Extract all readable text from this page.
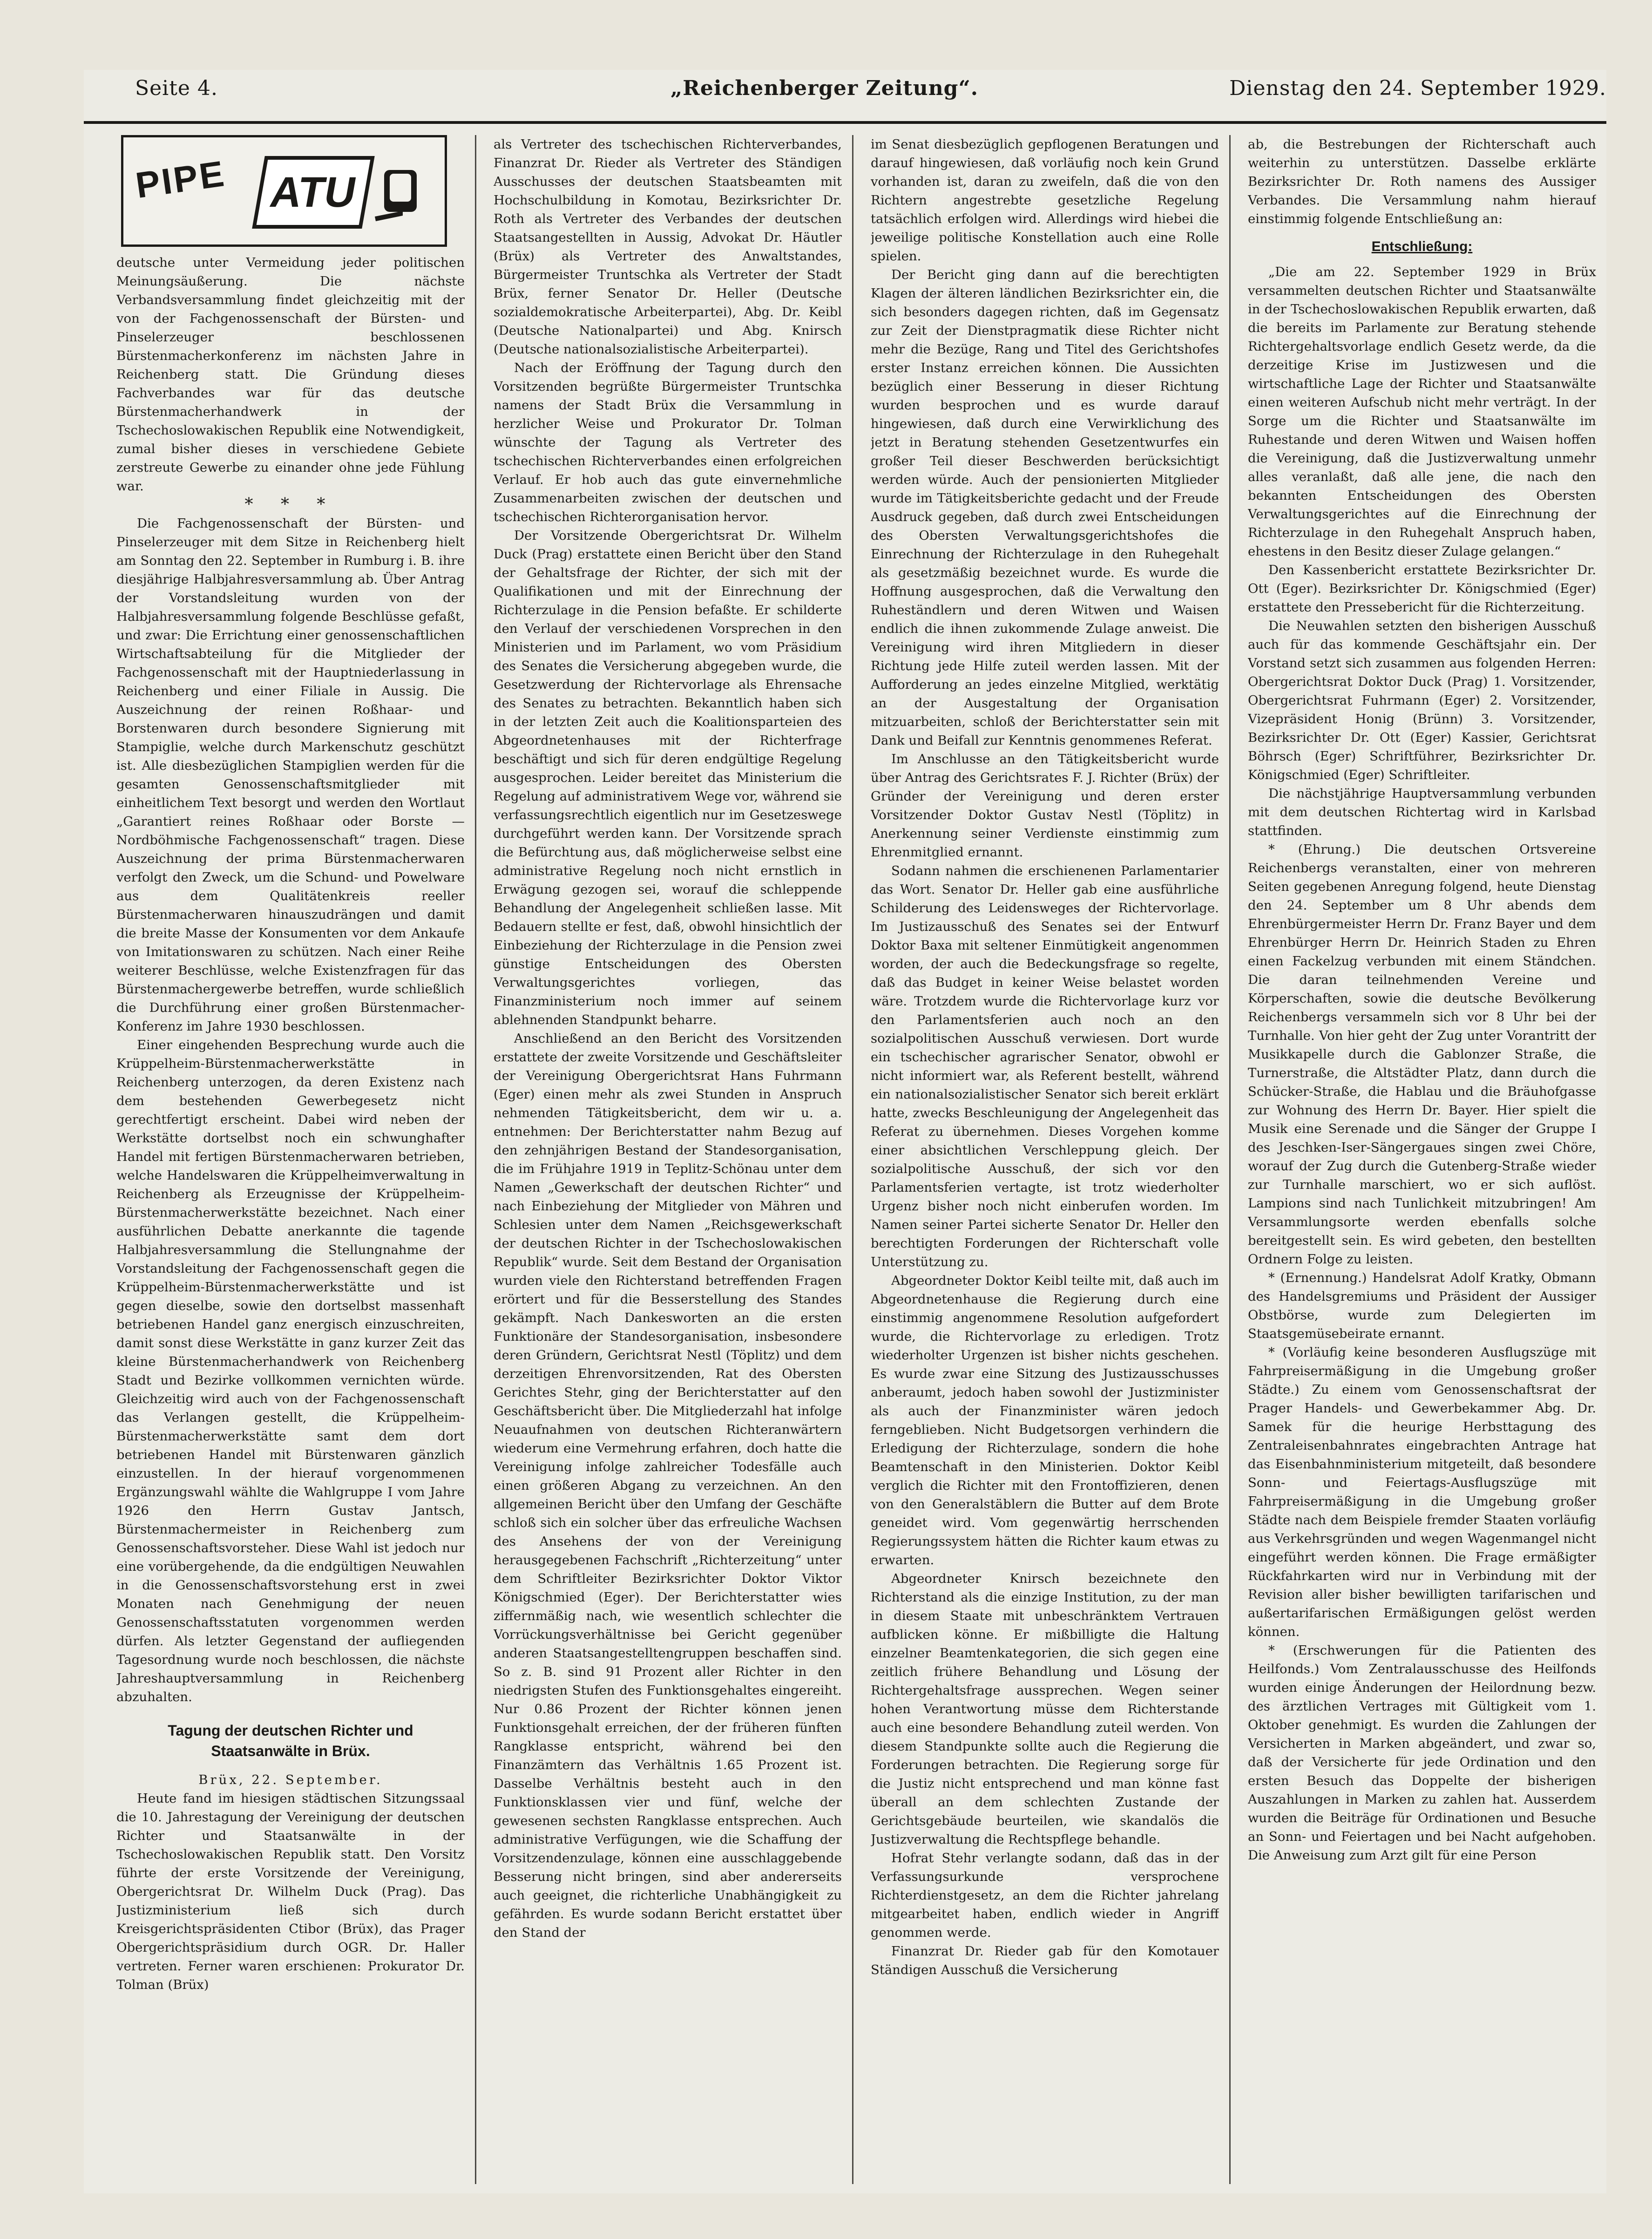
Seite 4.	„Reichenberger Zeitung“.	Dienstag den 24. September 1929.
PIPE ATU

deutsche unter Vermeidung jeder politischen Meinungsäußerung. Die nächste Verbandsversammlung findet gleichzeitig mit der von der Fachgenossenschaft der Bürsten- und Pinselerzeuger beschlossenen Bürstenmacherkonferenz im nächsten Jahre in Reichenberg statt. Die Gründung dieses Fachverbandes war für das deutsche Bürstenmacherhandwerk in der Tschechoslowakischen Republik eine Notwendigkeit, zumal bisher dieses in verschiedene Gebiete zerstreute Gewerbe zu einander ohne jede Fühlung war.

* * *

Die Fachgenossenschaft der Bürsten- und Pinselerzeuger mit dem Sitze in Reichenberg hielt am Sonntag den 22. September in Rumburg i. B. ihre diesjährige Halbjahresversammlung ab. Über Antrag der Vorstandsleitung wurden von der Halbjahresversammlung folgende Beschlüsse gefaßt, und zwar: Die Errichtung einer genossenschaftlichen Wirtschaftsabteilung für die Mitglieder der Fachgenossenschaft mit der Hauptniederlassung in Reichenberg und einer Filiale in Aussig. Die Auszeichnung der reinen Roßhaar- und Borstenwaren durch besondere Signierung mit Stampiglie, welche durch Markenschutz geschützt ist. Alle diesbezüglichen Stampiglien werden für die gesamten Genossenschaftsmitglieder mit einheitlichem Text besorgt und werden den Wortlaut „Garantiert reines Roßhaar oder Borste — Nordböhmische Fachgenossenschaft“ tragen. Diese Auszeichnung der prima Bürstenmacherwaren verfolgt den Zweck, um die Schund- und Powelware aus dem Qualitätenkreis reeller Bürstenmacherwaren hinauszudrängen und damit die breite Masse der Konsumenten vor dem Ankaufe von Imitationswaren zu schützen. Nach einer Reihe weiterer Beschlüsse, welche Existenzfragen für das Bürstenmachergewerbe betreffen, wurde schließlich die Durchführung einer großen Bürstenmacher-Konferenz im Jahre 1930 beschlossen.

Einer eingehenden Besprechung wurde auch die Krüppelheim-Bürstenmacherwerkstätte in Reichenberg unterzogen, da deren Existenz nach dem bestehenden Gewerbegesetz nicht gerechtfertigt erscheint. Dabei wird neben der Werkstätte dortselbst noch ein schwunghafter Handel mit fertigen Bürstenmacherwaren betrieben, welche Handelswaren die Krüppelheimverwaltung in Reichenberg als Erzeugnisse der Krüppelheim-Bürstenmacherwerkstätte bezeichnet. Nach einer ausführlichen Debatte anerkannte die tagende Halbjahresversammlung die Stellungnahme der Vorstandsleitung der Fachgenossenschaft gegen die Krüppelheim-Bürstenmacherwerkstätte und ist gegen dieselbe, sowie den dortselbst massenhaft betriebenen Handel ganz energisch einzuschreiten, damit sonst diese Werkstätte in ganz kurzer Zeit das kleine Bürstenmacherhandwerk von Reichenberg Stadt und Bezirke vollkommen vernichten würde. Gleichzeitig wird auch von der Fachgenossenschaft das Verlangen gestellt, die Krüppelheim-Bürstenmacherwerkstätte samt dem dort betriebenen Handel mit Bürstenwaren gänzlich einzustellen. In der hierauf vorgenommenen Ergänzungswahl wählte die Wahlgruppe I vom Jahre 1926 den Herrn Gustav Jantsch, Bürstenmachermeister in Reichenberg zum Genossenschaftsvorsteher. Diese Wahl ist jedoch nur eine vorübergehende, da die endgültigen Neuwahlen in die Genossenschaftsvorstehung erst in zwei Monaten nach Genehmigung der neuen Genossenschaftsstatuten vorgenommen werden dürfen. Als letzter Gegenstand der aufliegenden Tagesordnung wurde noch beschlossen, die nächste Jahreshauptversammlung in Reichenberg abzuhalten.

Tagung der deutschen Richter und Staatsanwälte in Brüx.

Brüx, 22. September.

Heute fand im hiesigen städtischen Sitzungssaal die 10. Jahrestagung der Vereinigung der deutschen Richter und Staatsanwälte in der Tschechoslowakischen Republik statt. Den Vorsitz führte der erste Vorsitzende der Vereinigung, Obergerichtsrat Dr. Wilhelm Duck (Prag). Das Justizministerium ließ sich durch Kreisgerichtspräsidenten Ctibor (Brüx), das Prager Obergerichtspräsidium durch OGR. Dr. Haller vertreten. Ferner waren erschienen: Prokurator Dr. Tolman (Brüx)

als Vertreter des tschechischen Richterverbandes, Finanzrat Dr. Rieder als Vertreter des Ständigen Ausschusses der deutschen Staatsbeamten mit Hochschulbildung in Komotau, Bezirksrichter Dr. Roth als Vertreter des Verbandes der deutschen Staatsangestellten in Aussig, Advokat Dr. Häutler (Brüx) als Vertreter des Anwaltstandes, Bürgermeister Truntschka als Vertreter der Stadt Brüx, ferner Senator Dr. Heller (Deutsche sozialdemokratische Arbeiterpartei), Abg. Dr. Keibl (Deutsche Nationalpartei) und Abg. Knirsch (Deutsche nationalsozialistische Arbeiterpartei).

Nach der Eröffnung der Tagung durch den Vorsitzenden begrüßte Bürgermeister Truntschka namens der Stadt Brüx die Versammlung in herzlicher Weise und Prokurator Dr. Tolman wünschte der Tagung als Vertreter des tschechischen Richterverbandes einen erfolgreichen Verlauf. Er hob auch das gute einvernehmliche Zusammenarbeiten zwischen der deutschen und tschechischen Richterorganisation hervor.

Der Vorsitzende Obergerichtsrat Dr. Wilhelm Duck (Prag) erstattete einen Bericht über den Stand der Gehaltsfrage der Richter, der sich mit der Qualifikationen und mit der Einrechnung der Richterzulage in die Pension befaßte. Er schilderte den Verlauf der verschiedenen Vorsprechen in den Ministerien und im Parlament, wo vom Präsidium des Senates die Versicherung abgegeben wurde, die Gesetzwerdung der Richtervorlage als Ehrensache des Senates zu betrachten. Bekanntlich haben sich in der letzten Zeit auch die Koalitionsparteien des Abgeordnetenhauses mit der Richterfrage beschäftigt und sich für deren endgültige Regelung ausgesprochen. Leider bereitet das Ministerium die Regelung auf administrativem Wege vor, während sie verfassungsrechtlich eigentlich nur im Gesetzeswege durchgeführt werden kann. Der Vorsitzende sprach die Befürchtung aus, daß möglicherweise selbst eine administrative Regelung noch nicht ernstlich in Erwägung gezogen sei, worauf die schleppende Behandlung der Angelegenheit schließen lasse. Mit Bedauern stellte er fest, daß, obwohl hinsichtlich der Einbeziehung der Richterzulage in die Pension zwei günstige Entscheidungen des Obersten Verwaltungsgerichtes vorliegen, das Finanzministerium noch immer auf seinem ablehnenden Standpunkt beharre.

Anschließend an den Bericht des Vorsitzenden erstattete der zweite Vorsitzende und Geschäftsleiter der Vereinigung Obergerichtsrat Hans Fuhrmann (Eger) einen mehr als zwei Stunden in Anspruch nehmenden Tätigkeitsbericht, dem wir u. a. entnehmen: Der Berichterstatter nahm Bezug auf den zehnjährigen Bestand der Standesorganisation, die im Frühjahre 1919 in Teplitz-Schönau unter dem Namen „Gewerkschaft der deutschen Richter“ und nach Einbeziehung der Mitglieder von Mähren und Schlesien unter dem Namen „Reichsgewerkschaft der deutschen Richter in der Tschechoslowakischen Republik“ wurde. Seit dem Bestand der Organisation wurden viele den Richterstand betreffenden Fragen erörtert und für die Besserstellung des Standes gekämpft. Nach Dankesworten an die ersten Funktionäre der Standesorganisation, insbesondere deren Gründern, Gerichtsrat Nestl (Töplitz) und dem derzeitigen Ehrenvorsitzenden, Rat des Obersten Gerichtes Stehr, ging der Berichterstatter auf den Geschäftsbericht über. Die Mitgliederzahl hat infolge Neuaufnahmen von deutschen Richteranwärtern wiederum eine Vermehrung erfahren, doch hatte die Vereinigung infolge zahlreicher Todesfälle auch einen größeren Abgang zu verzeichnen. An den allgemeinen Bericht über den Umfang der Geschäfte schloß sich ein solcher über das erfreuliche Wachsen des Ansehens der von der Vereinigung herausgegebenen Fachschrift „Richterzeitung“ unter dem Schriftleiter Bezirksrichter Doktor Viktor Königschmied (Eger). Der Berichterstatter wies ziffernmäßig nach, wie wesentlich schlechter die Vorrückungsverhältnisse bei Gericht gegenüber anderen Staatsangestelltengruppen beschaffen sind. So z. B. sind 91 Prozent aller Richter in den niedrigsten Stufen des Funktionsgehaltes eingereiht. Nur 0.86 Prozent der Richter können jenen Funktionsgehalt erreichen, der der früheren fünften Rangklasse entspricht, während bei den Finanzämtern das Verhältnis 1.65 Prozent ist. Dasselbe Verhältnis besteht auch in den Funktionsklassen vier und fünf, welche der gewesenen sechsten Rangklasse entsprechen. Auch administrative Verfügungen, wie die Schaffung der Vorsitzendenzulage, können eine ausschlaggebende Besserung nicht bringen, sind aber andererseits auch geeignet, die richterliche Unabhängigkeit zu gefährden. Es wurde sodann Bericht erstattet über den Stand der

im Senat diesbezüglich gepflogenen Beratungen und darauf hingewiesen, daß vorläufig noch kein Grund vorhanden ist, daran zu zweifeln, daß die von den Richtern angestrebte gesetzliche Regelung tatsächlich erfolgen wird. Allerdings wird hiebei die jeweilige politische Konstellation auch eine Rolle spielen.

Der Bericht ging dann auf die berechtigten Klagen der älteren ländlichen Bezirksrichter ein, die sich besonders dagegen richten, daß im Gegensatz zur Zeit der Dienstpragmatik diese Richter nicht mehr die Bezüge, Rang und Titel des Gerichtshofes erster Instanz erreichen können. Die Aussichten bezüglich einer Besserung in dieser Richtung wurden besprochen und es wurde darauf hingewiesen, daß durch eine Verwirklichung des jetzt in Beratung stehenden Gesetzentwurfes ein großer Teil dieser Beschwerden berücksichtigt werden würde. Auch der pensionierten Mitglieder wurde im Tätigkeitsberichte gedacht und der Freude Ausdruck gegeben, daß durch zwei Entscheidungen des Obersten Verwaltungsgerichtshofes die Einrechnung der Richterzulage in den Ruhegehalt als gesetzmäßig bezeichnet wurde. Es wurde die Hoffnung ausgesprochen, daß die Verwaltung den Ruheständlern und deren Witwen und Waisen endlich die ihnen zukommende Zulage anweist. Die Vereinigung wird ihren Mitgliedern in dieser Richtung jede Hilfe zuteil werden lassen. Mit der Aufforderung an jedes einzelne Mitglied, werktätig an der Ausgestaltung der Organisation mitzuarbeiten, schloß der Berichterstatter sein mit Dank und Beifall zur Kenntnis genommenes Referat.

Im Anschlusse an den Tätigkeitsbericht wurde über Antrag des Gerichtsrates F. J. Richter (Brüx) der Gründer der Vereinigung und deren erster Vorsitzender Doktor Gustav Nestl (Töplitz) in Anerkennung seiner Verdienste einstimmig zum Ehrenmitglied ernannt.

Sodann nahmen die erschienenen Parlamentarier das Wort. Senator Dr. Heller gab eine ausführliche Schilderung des Leidensweges der Richtervorlage. Im Justizausschuß des Senates sei der Entwurf Doktor Baxa mit seltener Einmütigkeit angenommen worden, der auch die Bedeckungsfrage so regelte, daß das Budget in keiner Weise belastet worden wäre. Trotzdem wurde die Richtervorlage kurz vor den Parlamentsferien auch noch an den sozialpolitischen Ausschuß verwiesen. Dort wurde ein tschechischer agrarischer Senator, obwohl er nicht informiert war, als Referent bestellt, während ein nationalsozialistischer Senator sich bereit erklärt hatte, zwecks Beschleunigung der Angelegenheit das Referat zu übernehmen. Dieses Vorgehen komme einer absichtlichen Verschleppung gleich. Der sozialpolitische Ausschuß, der sich vor den Parlamentsferien vertagte, ist trotz wiederholter Urgenz bisher noch nicht einberufen worden. Im Namen seiner Partei sicherte Senator Dr. Heller den berechtigten Forderungen der Richterschaft volle Unterstützung zu.

Abgeordneter Doktor Keibl teilte mit, daß auch im Abgeordnetenhause die Regierung durch eine einstimmig angenommene Resolution aufgefordert wurde, die Richtervorlage zu erledigen. Trotz wiederholter Urgenzen ist bisher nichts geschehen. Es wurde zwar eine Sitzung des Justizausschusses anberaumt, jedoch haben sowohl der Justizminister als auch der Finanzminister wären jedoch ferngeblieben. Nicht Budgetsorgen verhindern die Erledigung der Richterzulage, sondern die hohe Beamtenschaft in den Ministerien. Doktor Keibl verglich die Richter mit den Frontoffizieren, denen von den Generalstäblern die Butter auf dem Brote geneidet wird. Vom gegenwärtig herrschenden Regierungssystem hätten die Richter kaum etwas zu erwarten.

Abgeordneter Knirsch bezeichnete den Richterstand als die einzige Institution, zu der man in diesem Staate mit unbeschränktem Vertrauen aufblicken könne. Er mißbilligte die Haltung einzelner Beamtenkategorien, die sich gegen eine zeitlich frühere Behandlung und Lösung der Richtergehaltsfrage aussprechen. Wegen seiner hohen Verantwortung müsse dem Richterstande auch eine besondere Behandlung zuteil werden. Von diesem Standpunkte sollte auch die Regierung die Forderungen betrachten. Die Regierung sorge für die Justiz nicht entsprechend und man könne fast überall an dem schlechten Zustande der Gerichtsgebäude beurteilen, wie skandalös die Justizverwaltung die Rechtspflege behandle.

Hofrat Stehr verlangte sodann, daß das in der Verfassungsurkunde versprochene Richterdienstgesetz, an dem die Richter jahrelang mitgearbeitet haben, endlich wieder in Angriff genommen werde.

Finanzrat Dr. Rieder gab für den Komotauer Ständigen Ausschuß die Versicherung

ab, die Bestrebungen der Richterschaft auch weiterhin zu unterstützen. Dasselbe erklärte Bezirksrichter Dr. Roth namens des Aussiger Verbandes. Die Versammlung nahm hierauf einstimmig folgende Entschließung an:

Entschließung:

„Die am 22. September 1929 in Brüx versammelten deutschen Richter und Staatsanwälte in der Tschechoslowakischen Republik erwarten, daß die bereits im Parlamente zur Beratung stehende Richtergehaltsvorlage endlich Gesetz werde, da die derzeitige Krise im Justizwesen und die wirtschaftliche Lage der Richter und Staatsanwälte einen weiteren Aufschub nicht mehr verträgt. In der Sorge um die Richter und Staatsanwälte im Ruhestande und deren Witwen und Waisen hoffen die Vereinigung, daß die Justizverwaltung unmehr alles veranlaßt, daß alle jene, die nach den bekannten Entscheidungen des Obersten Verwaltungsgerichtes auf die Einrechnung der Richterzulage in den Ruhegehalt Anspruch haben, ehestens in den Besitz dieser Zulage gelangen.“

Den Kassenbericht erstattete Bezirksrichter Dr. Ott (Eger). Bezirksrichter Dr. Königschmied (Eger) erstattete den Pressebericht für die Richterzeitung.

Die Neuwahlen setzten den bisherigen Ausschuß auch für das kommende Geschäftsjahr ein. Der Vorstand setzt sich zusammen aus folgenden Herren: Obergerichtsrat Doktor Duck (Prag) 1. Vorsitzender, Obergerichtsrat Fuhrmann (Eger) 2. Vorsitzender, Vizepräsident Honig (Brünn) 3. Vorsitzender, Bezirksrichter Dr. Ott (Eger) Kassier, Gerichtsrat Böhrsch (Eger) Schriftführer, Bezirksrichter Dr. Königschmied (Eger) Schriftleiter.

Die nächstjährige Hauptversammlung verbunden mit dem deutschen Richtertag wird in Karlsbad stattfinden.

* (Ehrung.) Die deutschen Ortsvereine Reichenbergs veranstalten, einer von mehreren Seiten gegebenen Anregung folgend, heute Dienstag den 24. September um 8 Uhr abends dem Ehrenbürgermeister Herrn Dr. Franz Bayer und dem Ehrenbürger Herrn Dr. Heinrich Staden zu Ehren einen Fackelzug verbunden mit einem Ständchen. Die daran teilnehmenden Vereine und Körperschaften, sowie die deutsche Bevölkerung Reichenbergs versammeln sich vor 8 Uhr bei der Turnhalle. Von hier geht der Zug unter Vorantritt der Musikkapelle durch die Gablonzer Straße, die Turnerstraße, die Altstädter Platz, dann durch die Schücker-Straße, die Hablau und die Bräuhofgasse zur Wohnung des Herrn Dr. Bayer. Hier spielt die Musik eine Serenade und die Sänger der Gruppe I des Jeschken-Iser-Sängergaues singen zwei Chöre, worauf der Zug durch die Gutenberg-Straße wieder zur Turnhalle marschiert, wo er sich auflöst. Lampions sind nach Tunlichkeit mitzubringen! Am Versammlungsorte werden ebenfalls solche bereitgestellt sein. Es wird gebeten, den bestellten Ordnern Folge zu leisten.

* (Ernennung.) Handelsrat Adolf Kratky, Obmann des Handelsgremiums und Präsident der Aussiger Obstbörse, wurde zum Delegierten im Staatsgemüsebeirate ernannt.

* (Vorläufig keine besonderen Ausflugszüge mit Fahrpreisermäßigung in die Umgebung großer Städte.) Zu einem vom Genossenschaftsrat der Prager Handels- und Gewerbekammer Abg. Dr. Samek für die heurige Herbsttagung des Zentraleisenbahnrates eingebrachten Antrage hat das Eisenbahnministerium mitgeteilt, daß besondere Sonn- und Feiertags-Ausflugszüge mit Fahrpreisermäßigung in die Umgebung großer Städte nach dem Beispiele fremder Staaten vorläufig aus Verkehrsgründen und wegen Wagenmangel nicht eingeführt werden können. Die Frage ermäßigter Rückfahrkarten wird nur in Verbindung mit der Revision aller bisher bewilligten tarifarischen und außertarifarischen Ermäßigungen gelöst werden können.

* (Erschwerungen für die Patienten des Heilfonds.) Vom Zentralausschusse des Heilfonds wurden einige Änderungen der Heilordnung bezw. des ärztlichen Vertrages mit Gültigkeit vom 1. Oktober genehmigt. Es wurden die Zahlungen der Versicherten in Marken abgeändert, und zwar so, daß der Versicherte für jede Ordination und den ersten Besuch das Doppelte der bisherigen Auszahlungen in Marken zu zahlen hat. Ausserdem wurden die Beiträge für Ordinationen und Besuche an Sonn- und Feiertagen und bei Nacht aufgehoben. Die Anweisung zum Arzt gilt für eine Person
